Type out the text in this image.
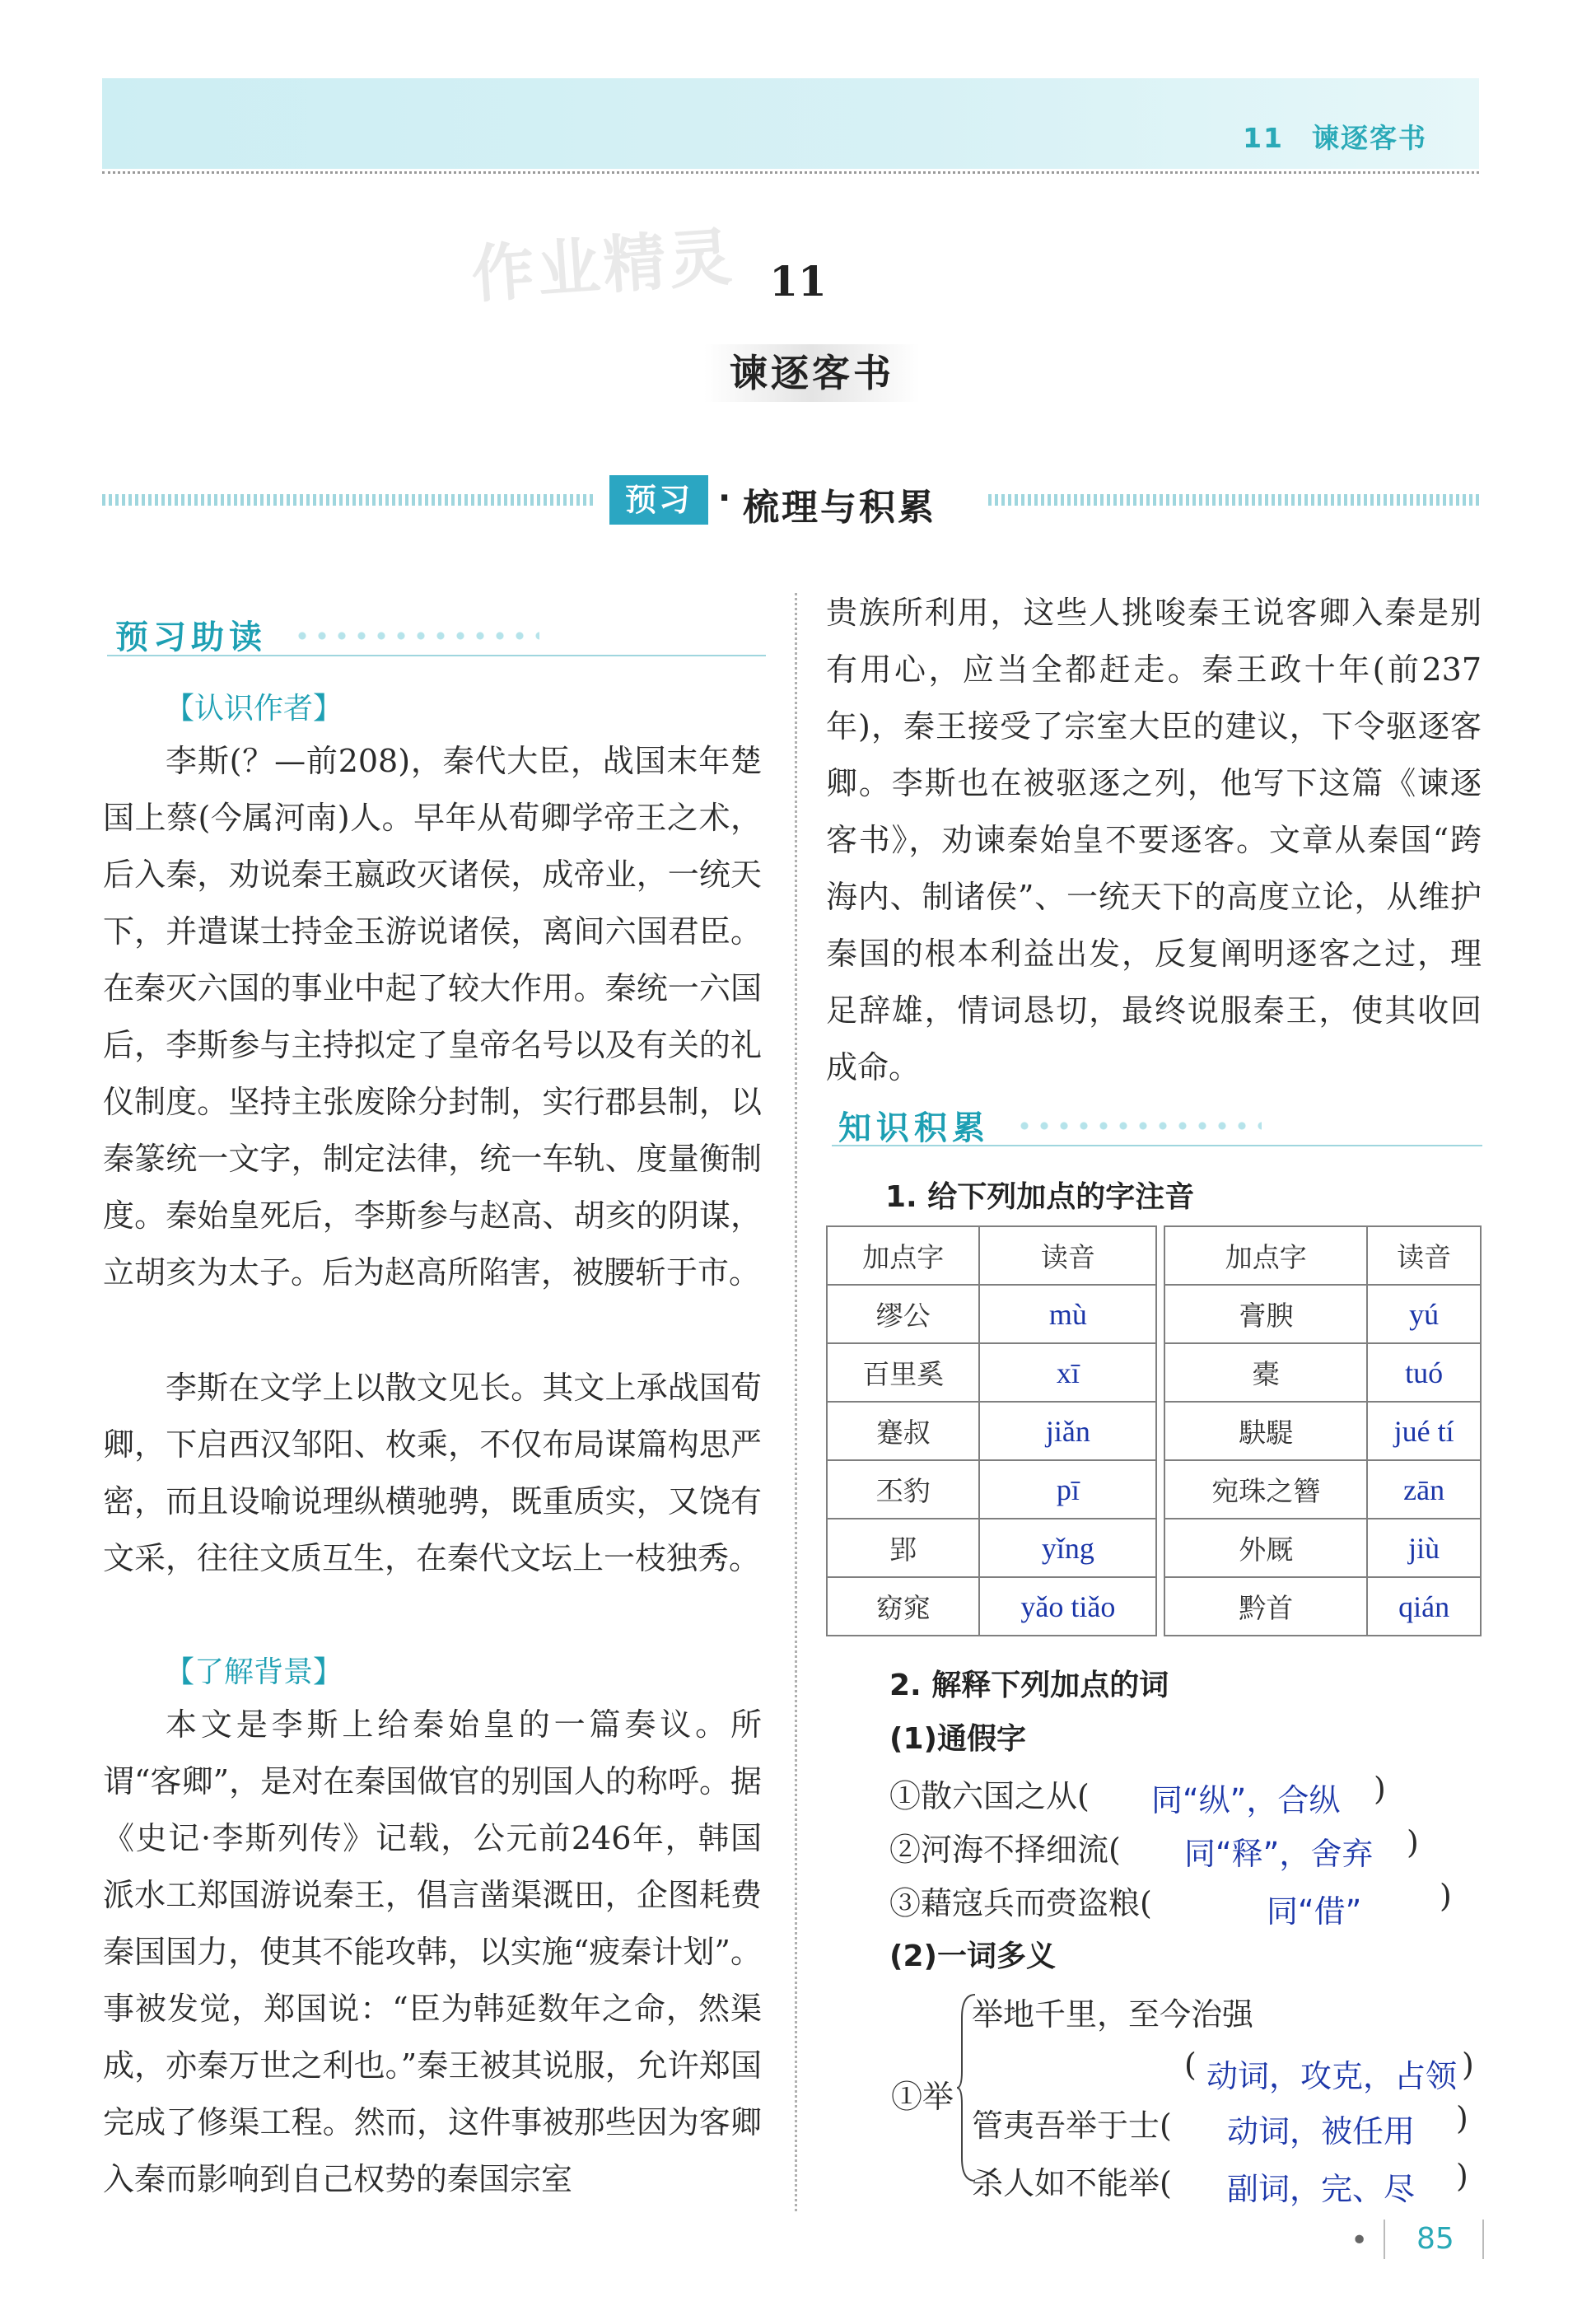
11 谏逐客书
作业精灵 11
谏逐客书
预习 · 梳理与积累
预习助读
【认识作者】
李斯(？—前208)，秦代大臣，战国末年楚国上蔡(今属河南)人。早年从荀卿学帝王之术，后入秦，劝说秦王嬴政灭诸侯，成帝业，一统天下，并遣谋士持金玉游说诸侯，离间六国君臣。在秦灭六国的事业中起了较大作用。秦统一六国后，李斯参与主持拟定了皇帝名号以及有关的礼仪制度。坚持主张废除分封制，实行郡县制，以秦篆统一文字，制定法律，统一车轨、度量衡制度。秦始皇死后，李斯参与赵高、胡亥的阴谋，立胡亥为太子。后为赵高所陷害，被腰斩于市。
李斯在文学上以散文见长。其文上承战国荀卿，下启西汉邹阳、枚乘，不仅布局谋篇构思严密，而且设喻说理纵横驰骋，既重质实，又饶有文采，往往文质互生，在秦代文坛上一枝独秀。
【了解背景】
本文是李斯上给秦始皇的一篇奏议。所谓“客卿”，是对在秦国做官的别国人的称呼。据《史记·李斯列传》记载，公元前246年，韩国派水工郑国游说秦王，倡言凿渠溉田，企图耗费秦国国力，使其不能攻韩，以实施“疲秦计划”。事被发觉，郑国说：“臣为韩延数年之命，然渠成，亦秦万世之利也。”秦王被其说服，允许郑国完成了修渠工程。然而，这件事被那些因为客卿入秦而影响到自己权势的秦国宗室
贵族所利用，这些人挑唆秦王说客卿入秦是别有用心，应当全都赶走。秦王政十年(前237年)，秦王接受了宗室大臣的建议，下令驱逐客卿。李斯也在被驱逐之列，他写下这篇《谏逐客书》，劝谏秦始皇不要逐客。文章从秦国“跨海内、制诸侯”、一统天下的高度立论，从维护秦国的根本利益出发，反复阐明逐客之过，理足辞雄，情词恳切，最终说服秦王，使其收回成命。
知识积累
1. 给下列加点的字注音
加点字	读音		加点字	读音
缪公	mù		膏腴	yú
百里奚	xī		橐	tuó
蹇叔	jiǎn		駃騠	jué tí
丕豹	pī		宛珠之簪	zān
郢	yǐng		外厩	jiù
窈窕	yǎo tiǎo		黔首	qián
2. 解释下列加点的词
(1)通假字
①散六国之从( 同“纵”，合纵 )
②河海不择细流( 同“释”，舍弃 )
③藉寇兵而赍盗粮(	同“借” )
(2)一词多义
①举
举地千里，至今治强
( 动词，攻克，占领 )
管夷吾举于士( 动词，被任用 )
杀人如不能举( 副词，完、尽 )
• 85
